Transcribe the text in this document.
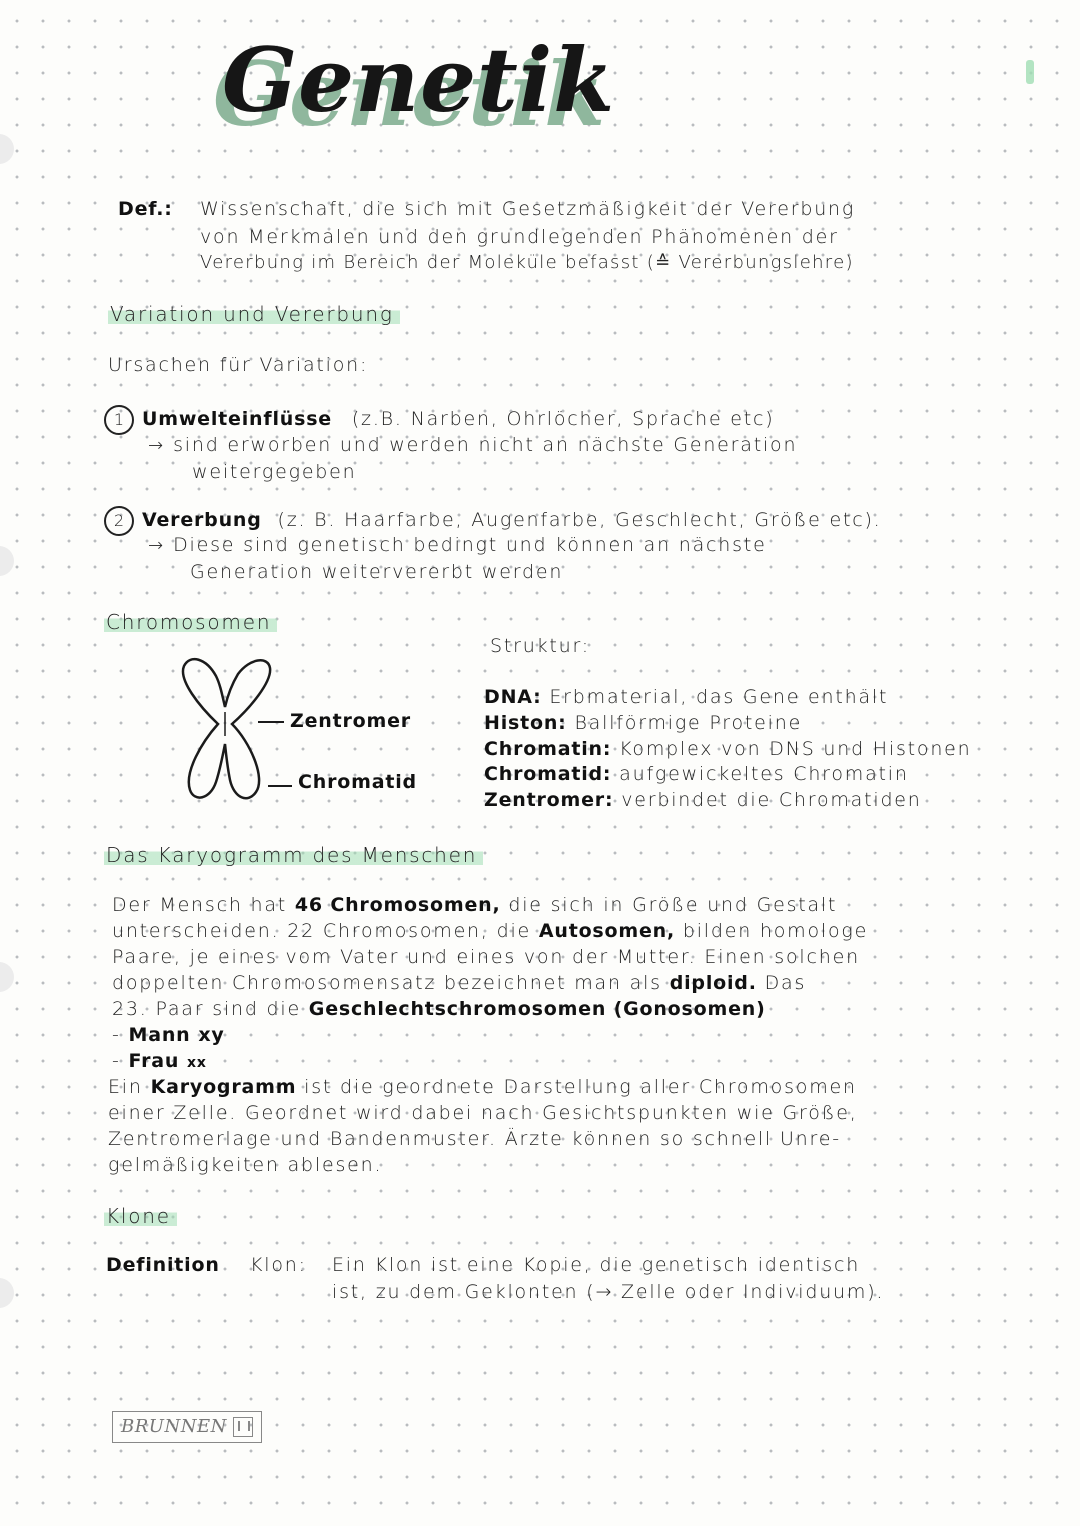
Genetik
Def.: Wissenschaft, die sich mit Gesetzmäßigkeit der Vererbung
von Merkmalen und den grundlegenden Phänomenen der
Vererbung im Bereich der Moleküle befasst (≙ Vererbungslehre)
Variation und Vererbung
Ursachen für Variation:
1 Umwelteinflüsse (z.B. Narben, Ohrlöcher, Sprache etc)
→ sind erworben und werden nicht an nächste Generation
weitergegeben
2 Vererbung (z. B. Haarfarbe, Augenfarbe, Geschlecht, Größe etc).
→ Diese sind genetisch bedingt und können an nächste
Generation weitervererbt werden
Chromosomen
Zentromer
Chromatid
Struktur:
DNA: Erbmaterial, das Gene enthält
Histon: Ballförmige Proteine
Chromatin: Komplex von DNS und Histonen
Chromatid: aufgewickeltes Chromatin
Zentromer: verbindet die Chromatiden
Das Karyogramm des Menschen
Der Mensch hat 46 Chromosomen, die sich in Größe und Gestalt
unterscheiden. 22 Chromosomen, die Autosomen, bilden homologe
Paare, je eines vom Vater und eines von der Mutter. Einen solchen
doppelten Chromosomensatz bezeichnet man als diploid. Das
23. Paar sind die Geschlechtschromosomen (Gonosomen)
- Mann xy
- Frau xx
Ein Karyogramm ist die geordnete Darstellung aller Chromosomen
einer Zelle. Geordnet wird dabei nach Gesichtspunkten wie Größe,
Zentromerlage und Bandenmuster. Ärzte können so schnell Unre-
gelmäßigkeiten ablesen.
Klone
Definition Klon: Ein Klon ist eine Kopie, die genetisch identisch
ist, zu dem Geklonten (→ Zelle oder Individuum).
BRUNNEN
